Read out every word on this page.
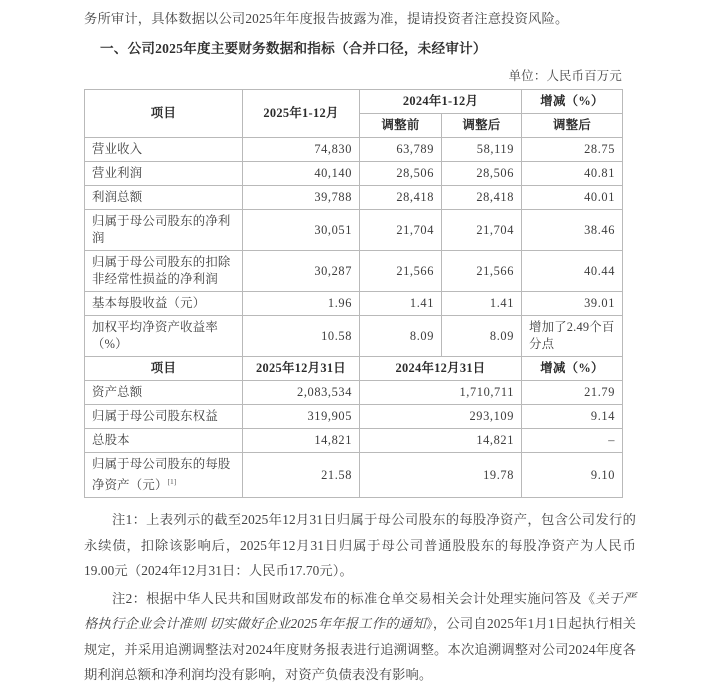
务所审计，具体数据以公司2025年年度报告披露为准，提请投资者注意投资风险。

一、公司2025年度主要财务数据和指标（合并口径，未经审计）

单位：人民币百万元

项目	2025年1-12月	2024年1-12月		增减（%）
		调整前	调整后	调整后
营业收入	74,830	63,789	58,119	28.75
营业利润	40,140	28,506	28,506	40.81
利润总额	39,788	28,418	28,418	40.01
归属于母公司股东的净利润	30,051	21,704	21,704	38.46
归属于母公司股东的扣除非经常性损益的净利润	30,287	21,566	21,566	40.44
基本每股收益（元）	1.96	1.41	1.41	39.01
加权平均净资产收益率（%）	10.58	8.09	8.09	增加了2.49个百分点
项目	2025年12月31日	2024年12月31日		增减（%）
资产总额	2,083,534	1,710,711		21.79
归属于母公司股东权益	319,905	293,109		9.14
总股本	14,821	14,821		–
归属于母公司股东的每股净资产（元）[1]	21.58	19.78		9.10

注1：上表列示的截至2025年12月31日归属于母公司股东的每股净资产，包含公司发行的永续债，扣除该影响后，2025年12月31日归属于母公司普通股股东的每股净资产为人民币19.00元（2024年12月31日：人民币17.70元）。

注2：根据中华人民共和国财政部发布的标准仓单交易相关会计处理实施问答及《关于严格执行企业会计准则 切实做好企业2025年年报工作的通知》，公司自2025年1月1日起执行相关规定，并采用追溯调整法对2024年度财务报表进行追溯调整。本次追溯调整对公司2024年度各期利润总额和净利润均没有影响，对资产负债表没有影响。
